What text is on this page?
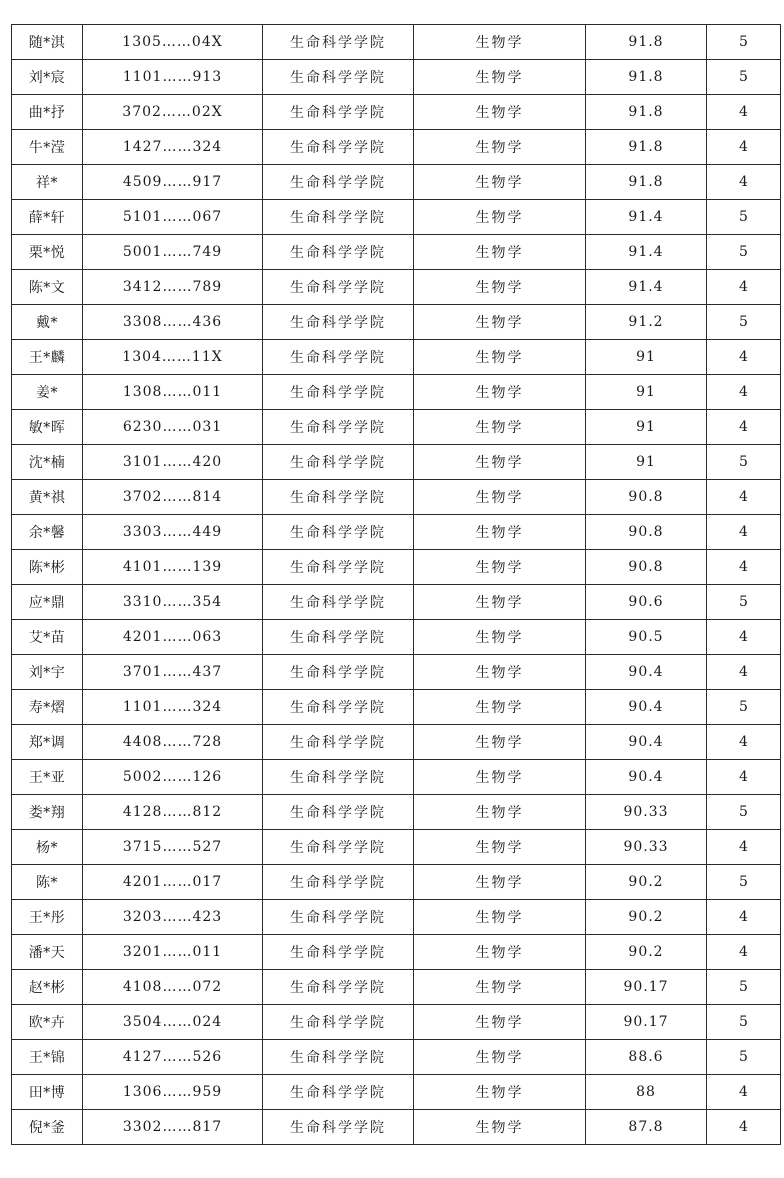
随*淇	1305……04X	生命科学学院	生物学	91.8	5
刘*宸	1101……913	生命科学学院	生物学	91.8	5
曲*抒	3702……02X	生命科学学院	生物学	91.8	4
牛*滢	1427……324	生命科学学院	生物学	91.8	4
祥*	4509……917	生命科学学院	生物学	91.8	4
薛*轩	5101……067	生命科学学院	生物学	91.4	5
栗*悦	5001……749	生命科学学院	生物学	91.4	5
陈*文	3412……789	生命科学学院	生物学	91.4	4
戴*	3308……436	生命科学学院	生物学	91.2	5
王*麟	1304……11X	生命科学学院	生物学	91	4
姜*	1308……011	生命科学学院	生物学	91	4
敏*晖	6230……031	生命科学学院	生物学	91	4
沈*楠	3101……420	生命科学学院	生物学	91	5
黄*祺	3702……814	生命科学学院	生物学	90.8	4
余*馨	3303……449	生命科学学院	生物学	90.8	4
陈*彬	4101……139	生命科学学院	生物学	90.8	4
应*鼎	3310……354	生命科学学院	生物学	90.6	5
艾*苗	4201……063	生命科学学院	生物学	90.5	4
刘*宇	3701……437	生命科学学院	生物学	90.4	4
寿*熠	1101……324	生命科学学院	生物学	90.4	5
郑*调	4408……728	生命科学学院	生物学	90.4	4
王*亚	5002……126	生命科学学院	生物学	90.4	4
娄*翔	4128……812	生命科学学院	生物学	90.33	5
杨*	3715……527	生命科学学院	生物学	90.33	4
陈*	4201……017	生命科学学院	生物学	90.2	5
王*彤	3203……423	生命科学学院	生物学	90.2	4
潘*天	3201……011	生命科学学院	生物学	90.2	4
赵*彬	4108……072	生命科学学院	生物学	90.17	5
欧*卉	3504……024	生命科学学院	生物学	90.17	5
王*锦	4127……526	生命科学学院	生物学	88.6	5
田*博	1306……959	生命科学学院	生物学	88	4
倪*釜	3302……817	生命科学学院	生物学	87.8	4
